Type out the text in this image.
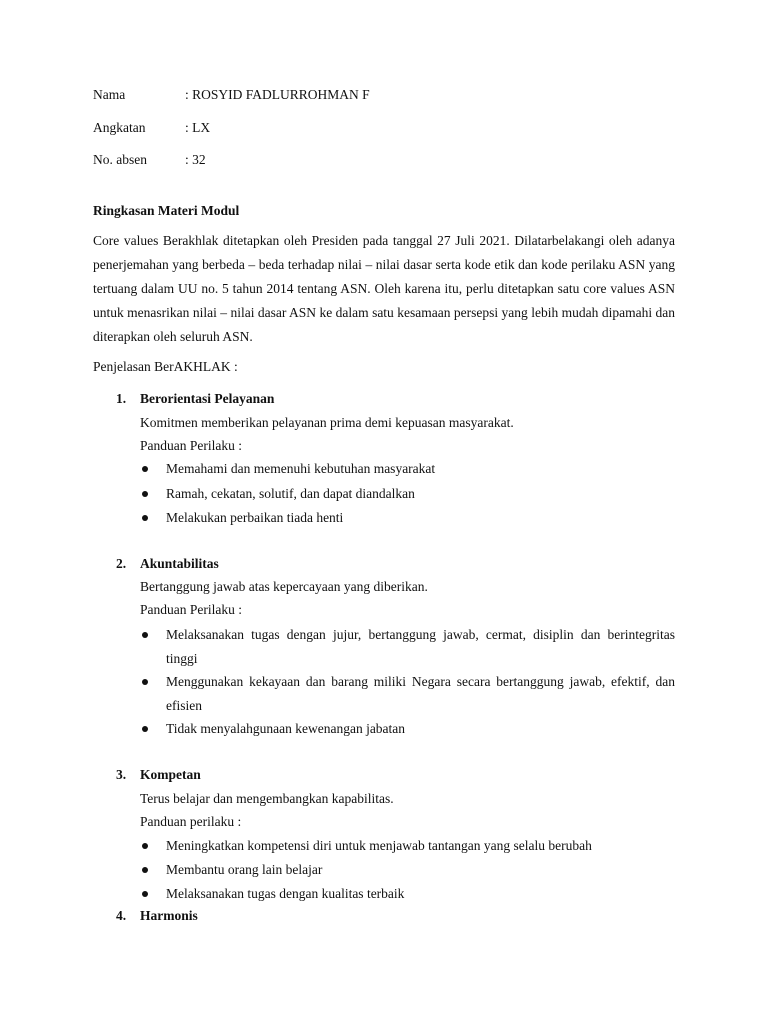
Nama	: ROSYID FADLURROHMAN F
Angkatan	: LX
No. absen	: 32
Ringkasan Materi Modul

Core values Berakhlak ditetapkan oleh Presiden pada tanggal 27 Juli 2021. Dilatarbelakangi oleh adanya penerjemahan yang berbeda – beda terhadap nilai – nilai dasar serta kode etik dan kode perilaku ASN yang tertuang dalam UU no. 5 tahun 2014 tentang ASN. Oleh karena itu, perlu ditetapkan satu core values ASN untuk menasrikan nilai – nilai dasar ASN ke dalam satu kesamaan persepsi yang lebih mudah dipamahi dan diterapkan oleh seluruh ASN.

Penjelasan BerAKHLAK :
1. Berorientasi Pelayanan
Komitmen memberikan pelayanan prima demi kepuasan masyarakat.
Panduan Perilaku :
Memahami dan memenuhi kebutuhan masyarakat
Ramah, cekatan, solutif, dan dapat diandalkan
Melakukan perbaikan tiada henti
2. Akuntabilitas
Bertanggung jawab atas kepercayaan yang diberikan.
Panduan Perilaku :
Melaksanakan tugas dengan jujur, bertanggung jawab, cermat, disiplin dan berintegritas tinggi
Menggunakan kekayaan dan barang miliki Negara secara bertanggung jawab, efektif, dan efisien
Tidak menyalahgunaan kewenangan jabatan
3. Kompetan
Terus belajar dan mengembangkan kapabilitas.
Panduan perilaku :
Meningkatkan kompetensi diri untuk menjawab tantangan yang selalu berubah
Membantu orang lain belajar
Melaksanakan tugas dengan kualitas terbaik
4. Harmonis
